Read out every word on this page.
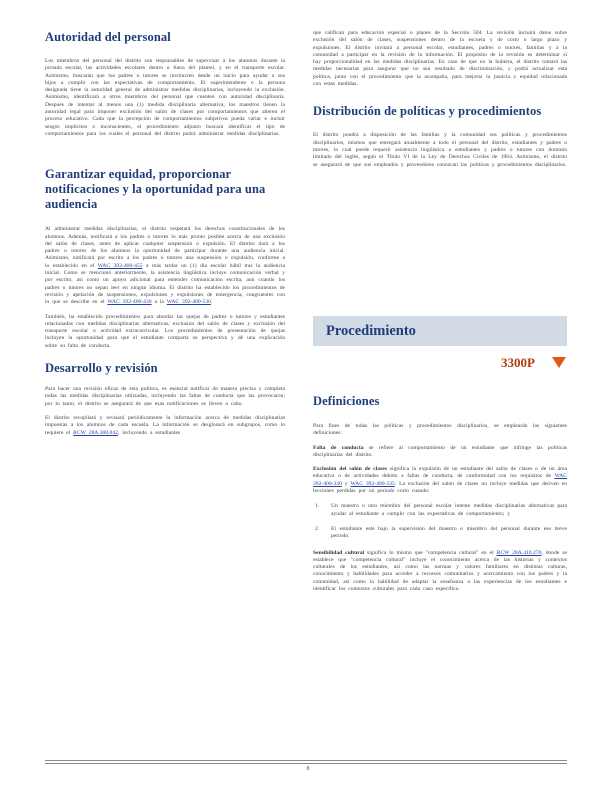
Autoridad del personal

Los miembros del personal del distrito son responsables de supervisar a los alumnos durante la jornada escolar, las actividades escolares dentro o fuera del plantel, y en el transporte escolar. Asimismo, buscarán que los padres o tutores se involucren desde un inicio para ayudar a sus hijos a cumplir con las expectativas de comportamiento. El superintendente o la persona designada tiene la autoridad general de administrar medidas disciplinarias, incluyendo la exclusión. Asimismo, identificará a otros miembros del personal que cuenten con autoridad disciplinaria. Después de intentar al menos una (1) medida disciplinaria alternativa, los maestros tienen la autoridad legal para imponer exclusión del salón de clases por comportamientos que alteren el proceso educativo. Cada que la percepción de comportamientos subjetivos pueda variar e incluir sesgos implícitos o inconscientes, el procedimiento adjunto buscará identificar el tipo de comportamientos para los cuales el personal del distrito podrá administrar medidas disciplinarias.

Garantizar equidad, proporcionar notificaciones y la oportunidad para una audiencia

Al administrar medidas disciplinarias, el distrito respetará los derechos constitucionales de los alumnos. Además, notificará a los padres o tutores lo más pronto posible acerca de una exclusión del salón de clases, antes de aplicar cualquier suspensión o expulsión. El distrito dará a los padres o tutores de los alumnos la oportunidad de participar durante una audiencia inicial. Asimismo, notificará por escrito a los padres o tutores una suspensión o expulsión, conforme a lo establecido en el WAC 392-400-455 a más tardar un (1) día escolar hábil tras la audiencia inicial. Como se mencionó anteriormente, la asistencia lingüística incluye comunicación verbal y por escrito, así como un apoyo adicional para entender comunicación escrita, aun cuando los padres o tutores no sepan leer en ningún idioma. El distrito ha establecido los procedimientos de revisión y apelación de suspensiones, expulsiones y expulsiones de emergencia, congruentes con lo que se describe en el WAC 392-400-430 a la WAC 392-400-530.

También, ha establecido procedimientos para abordar las quejas de padres o tutores y estudiantes relacionadas con medidas disciplinarias alternativas, exclusión del salón de clases y exclusión del transporte escolar o actividad extracurricular. Los procedimientos de presentación de quejas incluyen la oportunidad para que el estudiante comparta su perspectiva y dé una explicación sobre su falta de conducta.

Desarrollo y revisión

Para hacer una revisión eficaz de esta política, es esencial notificar de manera precisa y completa todas las medidas disciplinarias utilizadas, incluyendo las faltas de conducta que las provocaron; por lo tanto, el distrito se asegurará de que esas notificaciones se lleven a cabo.

El distrito recopilará y revisará periódicamente la información acerca de medidas disciplinarias impuestas a los alumnos de cada escuela. La información se desglosará en subgrupos, como lo requiere el RCW 28A.300.042, incluyendo a estudiantes

que califican para educación especial o planes de la Sección 504. La revisión incluirá datos sobre exclusión del salón de clases, suspensiones dentro de la escuela y de corto o largo plazo y expulsiones. El distrito invitará a personal escolar, estudiantes, padres o tutores, familias y a la comunidad a participar en la revisión de la información. El propósito de la revisión es determinar si hay proporcionalidad en las medidas disciplinarias. En caso de que no la hubiera, el distrito tomará las medidas necesarias para asegurar que no sea resultado de discriminación, y podrá actualizar esta política, junto con el procedimiento que la acompaña, para mejorar la justicia y equidad relacionada con estas medidas.

Distribución de políticas y procedimientos

El distrito pondrá a disposición de las familias y la comunidad sus políticas y procedimientos disciplinarios, mismos que entregará anualmente a todo el personal del distrito, estudiantes y padres o tutores, lo cual puede requerir asistencia lingüística a estudiantes y padres o tutores con dominio limitado del inglés, según el Título VI de la Ley de Derechos Civiles de 1964. Asimismo, el distrito se asegurará de que sus empleados y proveedores conozcan las políticas y procedimientos disciplinarios.

Procedimiento
3300P
Definiciones

Para fines de todas las políticas y procedimientos disciplinarios, se emplearán las siguientes definiciones:

Falta de conducta se refiere al comportamiento de un estudiante que infringe las políticas disciplinarias del distrito.

Exclusión del salón de clases significa la expulsión de un estudiante del salón de clases o de un área educativa o de actividades debido a faltas de conducta, de conformidad con los requisitos de WAC 392-400-330 y WAC 392-400-335. La exclusión del salón de clases no incluye medidas que deriven en lecciones perdidas por un periodo corto cuando:

1. Un maestro u otro miembro del personal escolar intente medidas disciplinarias alternativas para ayudar al estudiante a cumplir con las expectativas de comportamiento; y

2. El estudiante esté bajo la supervisión del maestro o miembro del personal durante ese breve periodo.

Sensibilidad cultural significa lo mismo que "competencia cultural" en el RCW 28A.410.270, donde se establece que "competencia cultural" incluye el conocimiento acerca de las historias y contextos culturales de los estudiantes, así como las normas y valores familiares en distintas culturas, conocimiento y habilidades para acceder a recursos comunitarios y acercamiento con los padres y la comunidad, así como la habilidad de adaptar la enseñanza a las experiencias de los estudiantes e identificar los contextos culturales para cada caso específico.

8
